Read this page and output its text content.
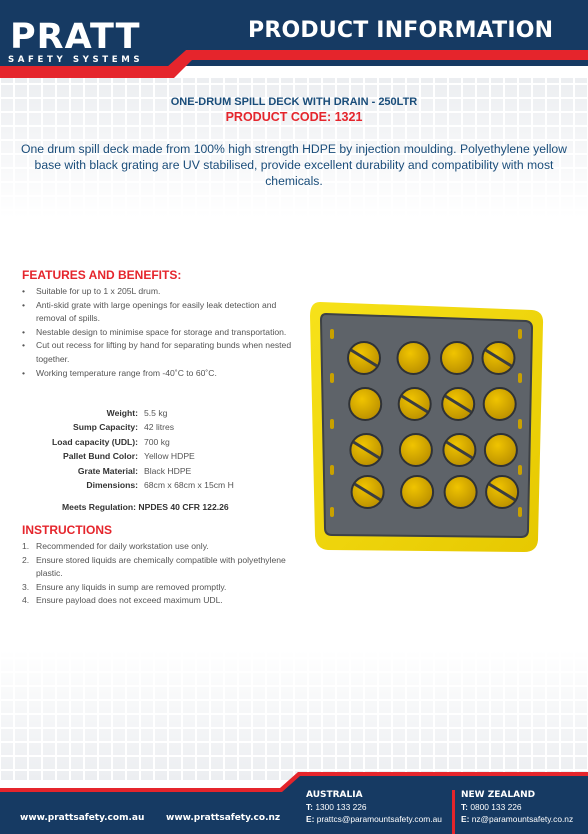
PRATT
SAFETY SYSTEMS
PRODUCT INFORMATION
ONE-DRUM SPILL DECK WITH DRAIN - 250LTR
PRODUCT CODE: 1321
One drum spill deck made from 100% high strength HDPE by injection moulding. Polyethylene yellow base with black grating are UV stabilised, provide excellent durability and compatibility with most chemicals.
FEATURES AND BENEFITS:
• Suitable for up to 1 x 205L drum.
• Anti-skid grate with large openings for easily leak detection and removal of spills.
• Nestable design to minimise space for storage and transportation.
• Cut out recess for lifting by hand for separating bunds when nested together.
• Working temperature range from -40˚C to 60˚C.
Weight: 5.5 kg
Sump Capacity: 42 litres
Load capacity (UDL): 700 kg
Pallet Bund Color: Yellow HDPE
Grate Material: Black HDPE
Dimensions: 68cm x 68cm x 15cm H
Meets Regulation: NPDES 40 CFR 122.26
INSTRUCTIONS
1. Recommended for daily workstation use only.
2. Ensure stored liquids are chemically compatible with polyethylene plastic.
3. Ensure any liquids in sump are removed promptly.
4. Ensure payload does not exceed maximum UDL.
www.prattsafety.com.au www.prattsafety.co.nz
AUSTRALIA
T: 1300 133 226
E: prattcs@paramountsafety.com.au
NEW ZEALAND
T: 0800 133 226
E: nz@paramountsafety.co.nz
